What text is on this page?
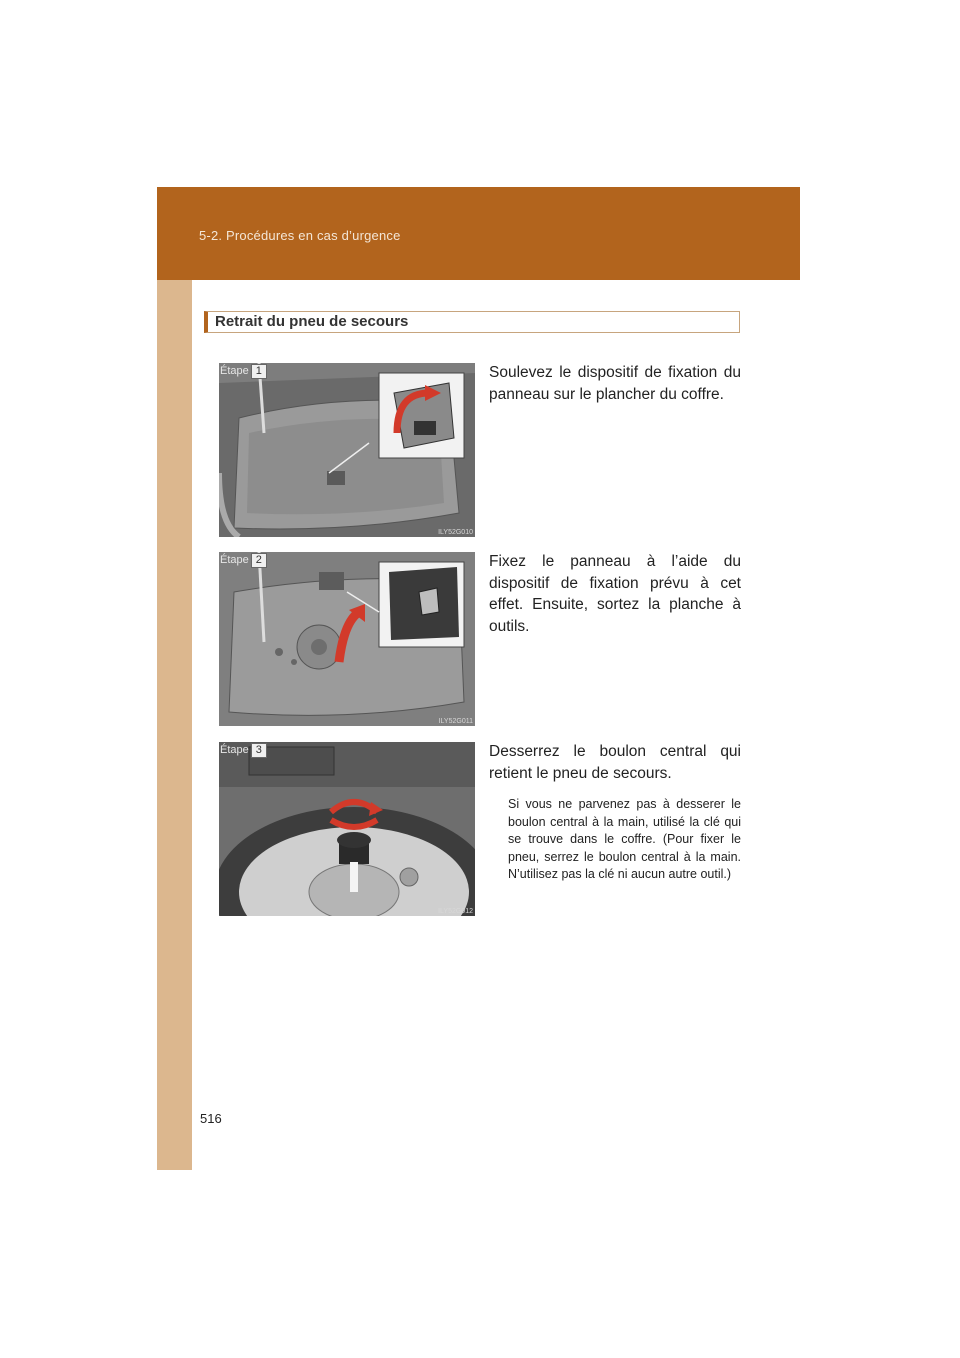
5-2. Procédures en cas d’urgence
Retrait du pneu de secours
Étape 1
ILY52G010
Soulevez le dispositif de fixation du panneau sur le plancher du coffre.
Étape 2
ILY52G011
Fixez le panneau à l’aide du dispositif de fixation prévu à cet effet. Ensuite, sortez la planche à outils.
Étape 3
ILY52G012
Desserrez le boulon central qui retient le pneu de secours.
Si vous ne parvenez pas à desserer le boulon central à la main, utilisé la clé qui se trouve dans le coffre. (Pour fixer le pneu, serrez le boulon central à la main. N’utilisez pas la clé ni aucun autre outil.)
516
